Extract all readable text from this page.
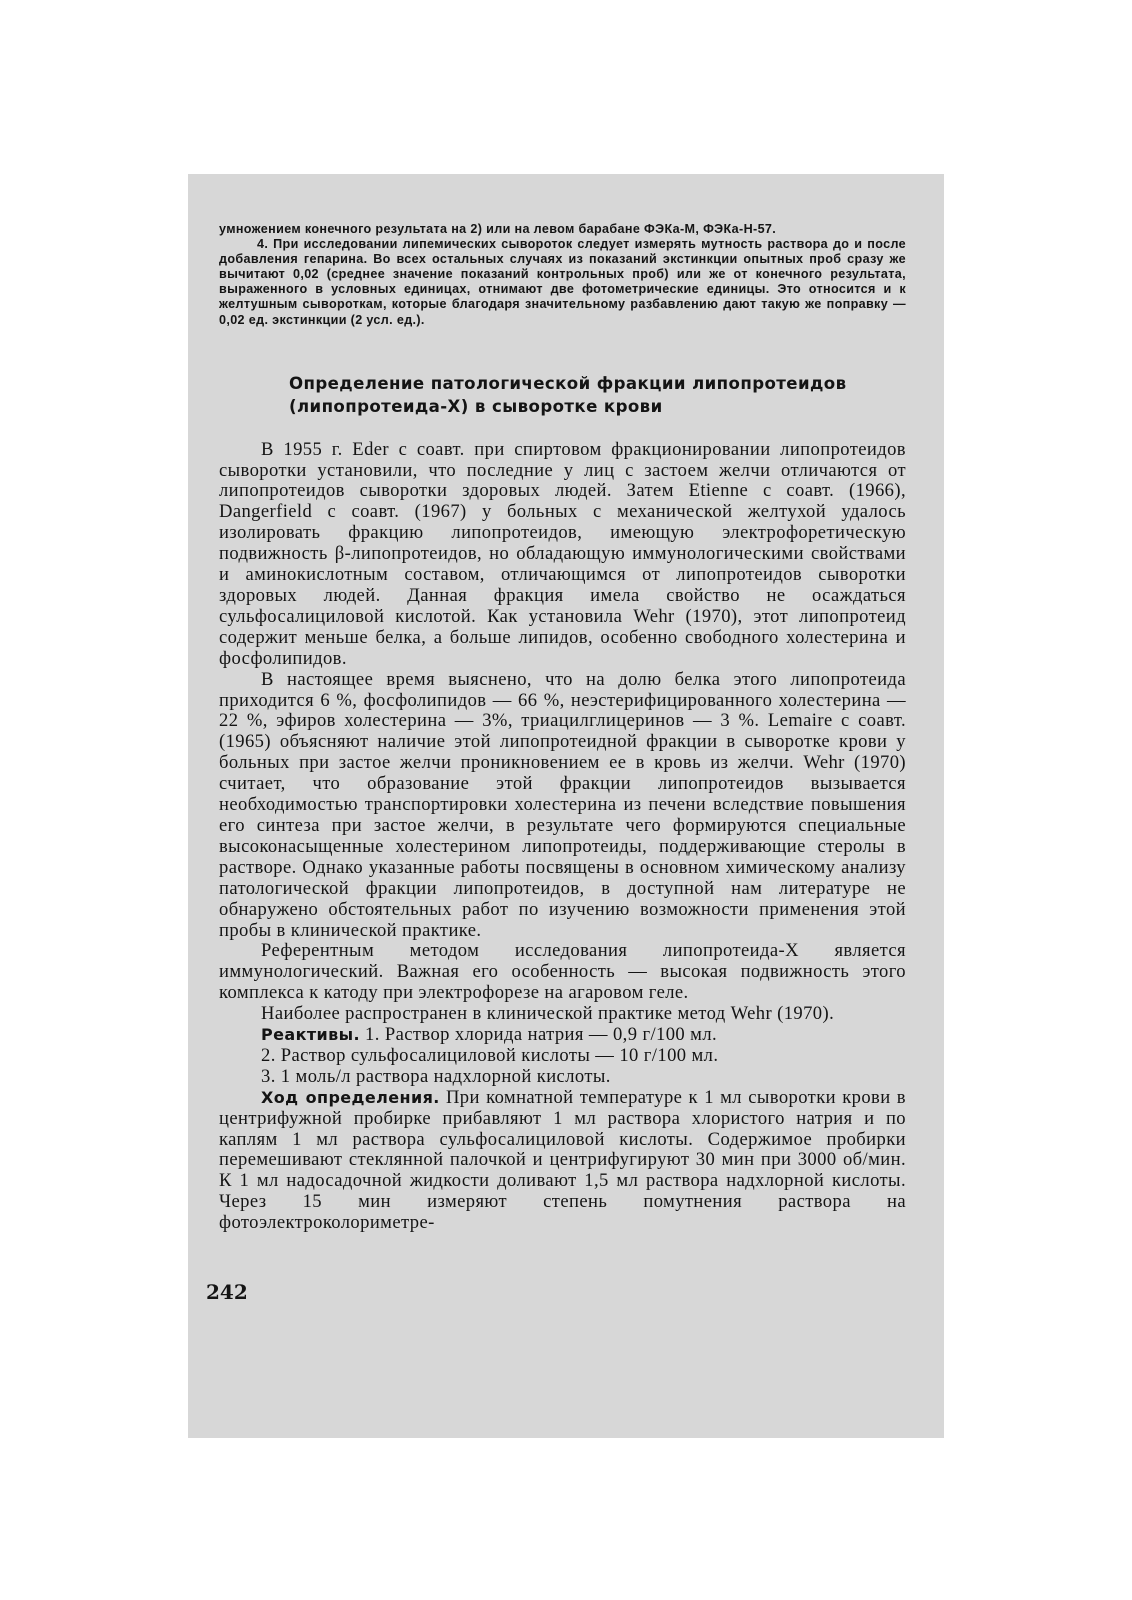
умножением конечного результата на 2) или на левом барабане ФЭКа-М, ФЭКа-Н-57.

4. При исследовании липемических сывороток следует измерять мутность раствора до и после добавления гепарина. Во всех остальных случаях из показаний экстинкции опытных проб сразу же вычитают 0,02 (среднее значение показаний контрольных проб) или же от конечного результата, выраженного в условных единицах, отнимают две фотометрические единицы. Это относится и к желтушным сывороткам, которые благодаря значительному разбавлению дают такую же поправку — 0,02 ед. экстинкции (2 усл. ед.).

Определение патологической фракции липопротеидов
(липопротеида-Х) в сыворотке крови

В 1955 г. Eder с соавт. при спиртовом фракционировании липопротеидов сыворотки установили, что последние у лиц с застоем желчи отличаются от липопротеидов сыворотки здоровых людей. Затем Etienne с соавт. (1966), Dangerfield с соавт. (1967) у больных с механической желтухой удалось изолировать фракцию липопротеидов, имеющую электрофоретическую подвижность β-липопротеидов, но обладающую иммунологическими свойствами и аминокислотным составом, отличающимся от липопротеидов сыворотки здоровых людей. Данная фракция имела свойство не осаждаться сульфосалициловой кислотой. Как установила Wehr (1970), этот липопротеид содержит меньше белка, а больше липидов, особенно свободного холестерина и фосфолипидов.

В настоящее время выяснено, что на долю белка этого липопротеида приходится 6 %, фосфолипидов — 66 %, неэстерифицированного холестерина — 22 %, эфиров холестерина — 3%, триацилглицеринов — 3 %. Lemaire с соавт. (1965) объясняют наличие этой липопротеидной фракции в сыворотке крови у больных при застое желчи проникновением ее в кровь из желчи. Wehr (1970) считает, что образование этой фракции липопротеидов вызывается необходимостью транспортировки холестерина из печени вследствие повышения его синтеза при застое желчи, в результате чего формируются специальные высоконасыщенные холестерином липопротеиды, поддерживающие стеролы в растворе. Однако указанные работы посвящены в основном химическому анализу патологической фракции липопротеидов, в доступной нам литературе не обнаружено обстоятельных работ по изучению возможности применения этой пробы в клинической практике.

Референтным методом исследования липопротеида-Х является иммунологический. Важная его особенность — высокая подвижность этого комплекса к катоду при электрофорезе на агаровом геле.

Наиболее распространен в клинической практике метод Wehr (1970).

Реактивы. 1. Раствор хлорида натрия — 0,9 г/100 мл.

2. Раствор сульфосалициловой кислоты — 10 г/100 мл.

3. 1 моль/л раствора надхлорной кислоты.

Ход определения. При комнатной температуре к 1 мл сыворотки крови в центрифужной пробирке прибавляют 1 мл раствора хлористого натрия и по каплям 1 мл раствора сульфосалициловой кислоты. Содержимое пробирки перемешивают стеклянной палочкой и центрифугируют 30 мин при 3000 об/мин. К 1 мл надосадочной жидкости доливают 1,5 мл раствора надхлорной кислоты. Через 15 мин измеряют степень помутнения раствора на фотоэлектроколориметре-

242
